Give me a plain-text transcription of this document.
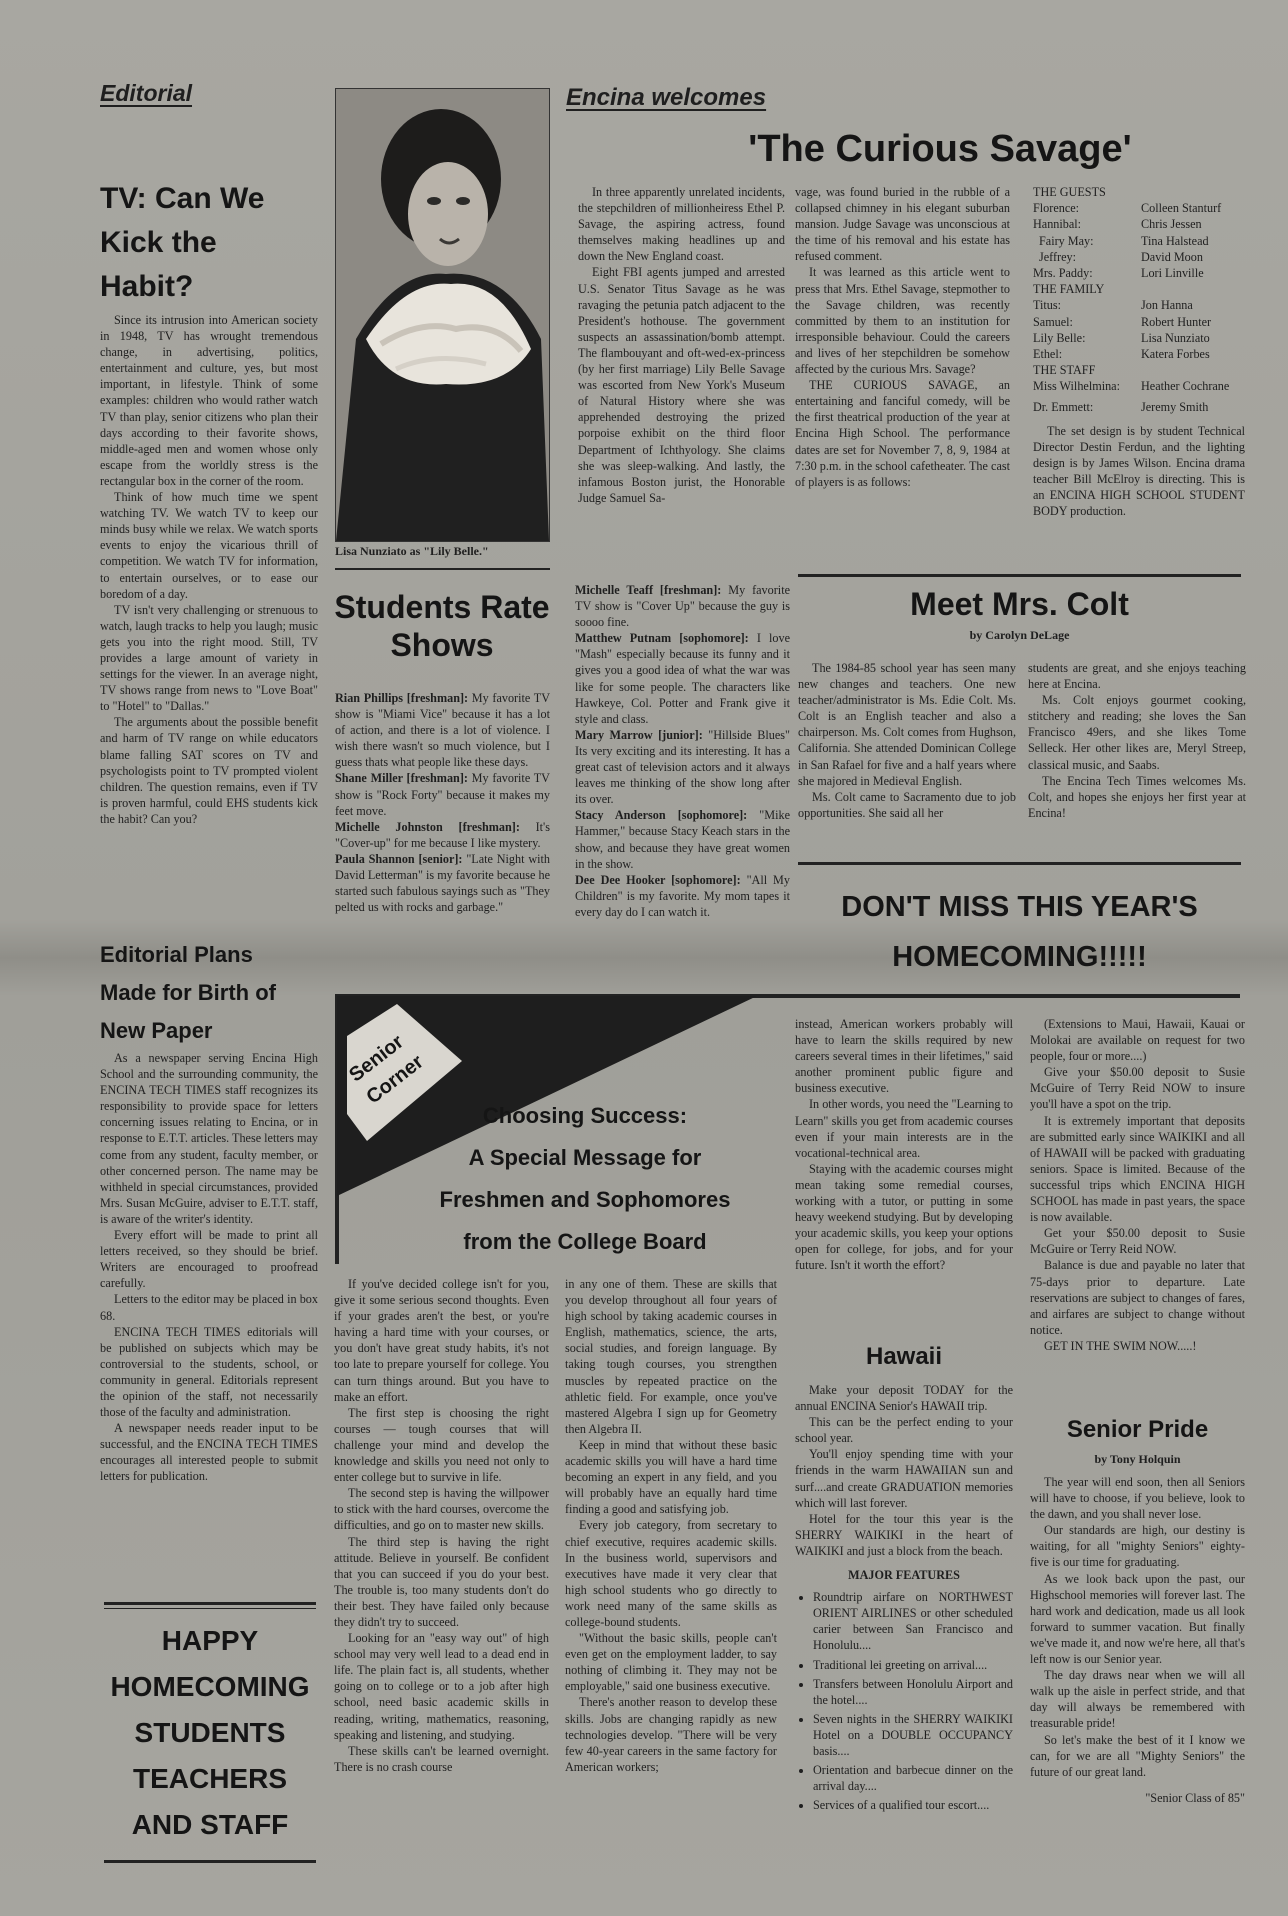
Editorial
TV: Can We Kick the Habit?

Since its intrusion into American society in 1948, TV has wrought tremendous change, in advertising, politics, entertainment and culture, yes, but most important, in lifestyle. Think of some examples: children who would rather watch TV than play, senior citizens who plan their days according to their favorite shows, middle-aged men and women whose only escape from the worldly stress is the rectangular box in the corner of the room.

Think of how much time we spent watching TV. We watch TV to keep our minds busy while we relax. We watch sports events to enjoy the vicarious thrill of competition. We watch TV for information, to entertain ourselves, or to ease our boredom of a day.

TV isn't very challenging or strenuous to watch, laugh tracks to help you laugh; music gets you into the right mood. Still, TV provides a large amount of variety in settings for the viewer. In an average night, TV shows range from news to "Love Boat" to "Hotel" to "Dallas."

The arguments about the possible benefit and harm of TV range on while educators blame falling SAT scores on TV and psychologists point to TV prompted violent children. The question remains, even if TV is proven harmful, could EHS students kick the habit? Can you?

Lisa Nunziato as "Lily Belle."
Students Rate Shows

Rian Phillips [freshman]: My favorite TV show is "Miami Vice" because it has a lot of action, and there is a lot of violence. I wish there wasn't so much violence, but I guess thats what people like these days.

Shane Miller [freshman]: My favorite TV show is "Rock Forty" because it makes my feet move.

Michelle Johnston [freshman]: It's "Cover-up" for me because I like mystery.

Paula Shannon [senior]: "Late Night with David Letterman" is my favorite because he started such fabulous sayings such as "They pelted us with rocks and garbage."

Michelle Teaff [freshman]: My favorite TV show is "Cover Up" because the guy is soooo fine.

Matthew Putnam [sophomore]: I love "Mash" especially because its funny and it gives you a good idea of what the war was like for some people. The characters like Hawkeye, Col. Potter and Frank give it style and class.

Mary Marrow [junior]: "Hillside Blues" Its very exciting and its interesting. It has a great cast of television actors and it always leaves me thinking of the show long after its over.

Stacy Anderson [sophomore]: "Mike Hammer," because Stacy Keach stars in the show, and because they have great women in the show.

Dee Dee Hooker [sophomore]: "All My Children" is my favorite. My mom tapes it every day do I can watch it.

Encina welcomes
'The Curious Savage'

In three apparently unrelated incidents, the stepchildren of millionheiress Ethel P. Savage, the aspiring actress, found themselves making headlines up and down the New England coast.

Eight FBI agents jumped and arrested U.S. Senator Titus Savage as he was ravaging the petunia patch adjacent to the President's hothouse. The government suspects an assassination/bomb attempt. The flambouyant and oft-wed-ex-princess (by her first marriage) Lily Belle Savage was escorted from New York's Museum of Natural History where she was apprehended destroying the prized porpoise exhibit on the third floor Department of Ichthyology. She claims she was sleep-walking. And lastly, the infamous Boston jurist, the Honorable Judge Samuel Sa-

vage, was found buried in the rubble of a collapsed chimney in his elegant suburban mansion. Judge Savage was unconscious at the time of his removal and his estate has refused comment.

It was learned as this article went to press that Mrs. Ethel Savage, stepmother to the Savage children, was recently committed by them to an institution for irresponsible behaviour. Could the careers and lives of her stepchildren be somehow affected by the curious Mrs. Savage?

THE CURIOUS SAVAGE, an entertaining and fanciful comedy, will be the first theatrical production of the year at Encina High School. The performance dates are set for November 7, 8, 9, 1984 at 7:30 p.m. in the school cafetheater. The cast of players is as follows:

THE GUESTS
Florence:	Colleen Stanturf
Hannibal:	Chris Jessen
Fairy May:	Tina Halstead
Jeffrey:	David Moon
Mrs. Paddy:	Lori Linville
THE FAMILY
Titus:	Jon Hanna
Samuel:	Robert Hunter
Lily Belle:	Lisa Nunziato
Ethel:	Katera Forbes
THE STAFF
Miss Wilhelmina:	Heather Cochrane
Dr. Emmett:	Jeremy Smith

The set design is by student Technical Director Destin Ferdun, and the lighting design is by James Wilson. Encina drama teacher Bill McElroy is directing. This is an ENCINA HIGH SCHOOL STUDENT BODY production.

Meet Mrs. Colt
by Carolyn DeLage

The 1984-85 school year has seen many new changes and teachers. One new teacher/administrator is Ms. Edie Colt. Ms. Colt is an English teacher and also a chairperson. Ms. Colt comes from Hughson, California. She attended Dominican College in San Rafael for five and a half years where she majored in Medieval English.

Ms. Colt came to Sacramento due to job opportunities. She said all her

students are great, and she enjoys teaching here at Encina.

Ms. Colt enjoys gourmet cooking, stitchery and reading; she loves the San Francisco 49ers, and she likes Tome Selleck. Her other likes are, Meryl Streep, classical music, and Saabs.

The Encina Tech Times welcomes Ms. Colt, and hopes she enjoys her first year at Encina!

DON'T MISS THIS YEAR'S
HOMECOMING!!!!!
Editorial Plans Made for Birth of New Paper

As a newspaper serving Encina High School and the surrounding community, the ENCINA TECH TIMES staff recognizes its responsibility to provide space for letters concerning issues relating to Encina, or in response to E.T.T. articles. These letters may come from any student, faculty member, or other concerned person. The name may be withheld in special circumstances, provided Mrs. Susan McGuire, adviser to E.T.T. staff, is aware of the writer's identity.

Every effort will be made to print all letters received, so they should be brief. Writers are encouraged to proofread carefully.

Letters to the editor may be placed in box 68.

ENCINA TECH TIMES editorials will be published on subjects which may be controversial to the students, school, or community in general. Editorials represent the opinion of the staff, not necessarily those of the faculty and administration.

A newspaper needs reader input to be successful, and the ENCINA TECH TIMES encourages all interested people to submit letters for publication.

HAPPY
HOMECOMING
STUDENTS
TEACHERS
AND STAFF
Senior Corner
Choosing Success:
A Special Message for
Freshmen and Sophomores
from the College Board

If you've decided college isn't for you, give it some serious second thoughts. Even if your grades aren't the best, or you're having a hard time with your courses, or you don't have great study habits, it's not too late to prepare yourself for college. You can turn things around. But you have to make an effort.

The first step is choosing the right courses — tough courses that will challenge your mind and develop the knowledge and skills you need not only to enter college but to survive in life.

The second step is having the willpower to stick with the hard courses, overcome the difficulties, and go on to master new skills.

The third step is having the right attitude. Believe in yourself. Be confident that you can succeed if you do your best. The trouble is, too many students don't do their best. They have failed only because they didn't try to succeed.

Looking for an "easy way out" of high school may very well lead to a dead end in life. The plain fact is, all students, whether going on to college or to a job after high school, need basic academic skills in reading, writing, mathematics, reasoning, speaking and listening, and studying.

These skills can't be learned overnight. There is no crash course

in any one of them. These are skills that you develop throughout all four years of high school by taking academic courses in English, mathematics, science, the arts, social studies, and foreign language. By taking tough courses, you strengthen muscles by repeated practice on the athletic field. For example, once you've mastered Algebra I sign up for Geometry then Algebra II.

Keep in mind that without these basic academic skills you will have a hard time becoming an expert in any field, and you will probably have an equally hard time finding a good and satisfying job.

Every job category, from secretary to chief executive, requires academic skills. In the business world, supervisors and executives have made it very clear that high school students who go directly to work need many of the same skills as college-bound students.

"Without the basic skills, people can't even get on the employment ladder, to say nothing of climbing it. They may not be employable," said one business executive.

There's another reason to develop these skills. Jobs are changing rapidly as new technologies develop. "There will be very few 40-year careers in the same factory for American workers;

instead, American workers probably will have to learn the skills required by new careers several times in their lifetimes," said another prominent public figure and business executive.

In other words, you need the "Learning to Learn" skills you get from academic courses even if your main interests are in the vocational-technical area.

Staying with the academic courses might mean taking some remedial courses, working with a tutor, or putting in some heavy weekend studying. But by developing your academic skills, you keep your options open for college, for jobs, and for your future. Isn't it worth the effort?

Hawaii

Make your deposit TODAY for the annual ENCINA Senior's HAWAII trip.

This can be the perfect ending to your school year.

You'll enjoy spending time with your friends in the warm HAWAIIAN sun and surf....and create GRADUATION memories which will last forever.

Hotel for the tour this year is the SHERRY WAIKIKI in the heart of WAIKIKI and just a block from the beach.

MAJOR FEATURES
• Roundtrip airfare on NORTHWEST ORIENT AIRLINES or other scheduled carier between San Francisco and Honolulu....
• Traditional lei greeting on arrival....
• Transfers between Honolulu Airport and the hotel....
• Seven nights in the SHERRY WAIKIKI Hotel on a DOUBLE OCCUPANCY basis....
• Orientation and barbecue dinner on the arrival day....
• Services of a qualified tour escort....

(Extensions to Maui, Hawaii, Kauai or Molokai are available on request for two people, four or more....)

Give your $50.00 deposit to Susie McGuire of Terry Reid NOW to insure you'll have a spot on the trip.

It is extremely important that deposits are submitted early since WAIKIKI and all of HAWAII will be packed with graduating seniors. Space is limited. Because of the successful trips which ENCINA HIGH SCHOOL has made in past years, the space is now available.

Get your $50.00 deposit to Susie McGuire or Terry Reid NOW.

Balance is due and payable no later that 75-days prior to departure. Late reservations are subject to changes of fares, and airfares are subject to change without notice.

GET IN THE SWIM NOW.....!

Senior Pride
by Tony Holquin

The year will end soon, then all Seniors will have to choose, if you believe, look to the dawn, and you shall never lose.

Our standards are high, our destiny is waiting, for all "mighty Seniors" eighty-five is our time for graduating.

As we look back upon the past, our Highschool memories will forever last. The hard work and dedication, made us all look forward to summer vacation. But finally we've made it, and now we're here, all that's left now is our Senior year.

The day draws near when we will all walk up the aisle in perfect stride, and that day will always be remembered with treasurable pride!

So let's make the best of it I know we can, for we are all "Mighty Seniors" the future of our great land.

"Senior Class of 85"
